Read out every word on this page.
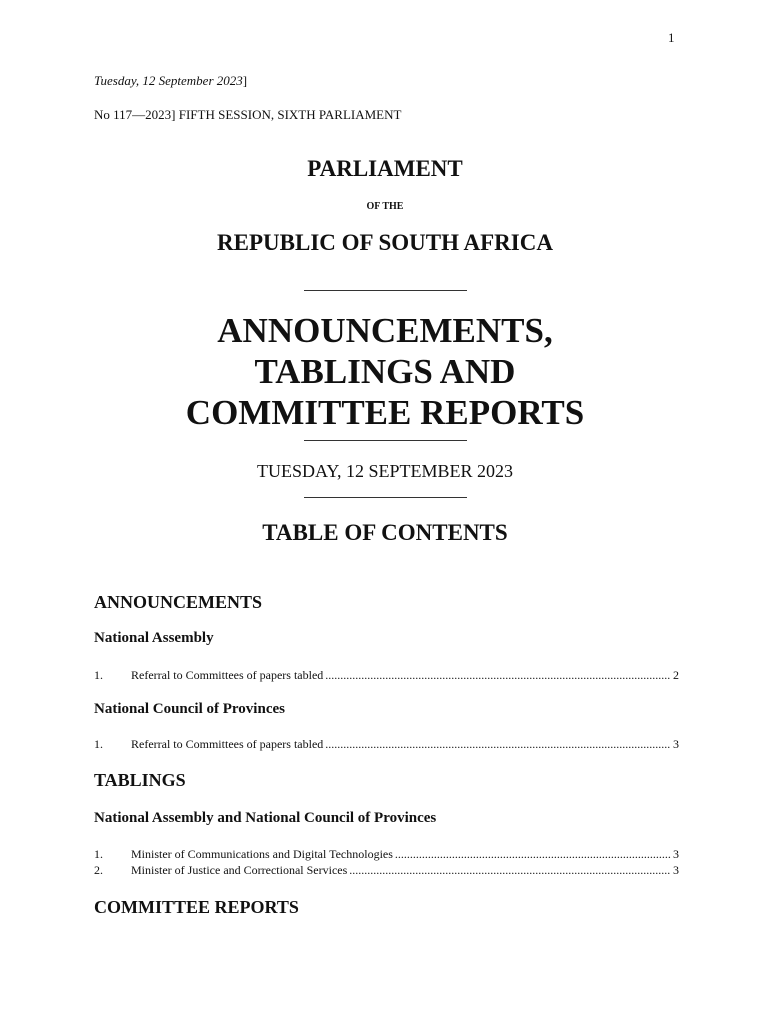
1
Tuesday, 12 September 2023]
No 117—2023] FIFTH SESSION, SIXTH PARLIAMENT
PARLIAMENT
OF THE
REPUBLIC OF SOUTH AFRICA
ANNOUNCEMENTS,
TABLINGS AND
COMMITTEE REPORTS
TUESDAY, 12 SEPTEMBER 2023
TABLE OF CONTENTS
ANNOUNCEMENTS
National Assembly
1.	Referral to Committees of papers tabled .....	2
National Council of Provinces
1.	Referral to Committees of papers tabled .....	3
TABLINGS
National Assembly and National Council of Provinces
1.	Minister of Communications and Digital Technologies .....	3
2.	Minister of Justice and Correctional Services .....	3
COMMITTEE REPORTS
